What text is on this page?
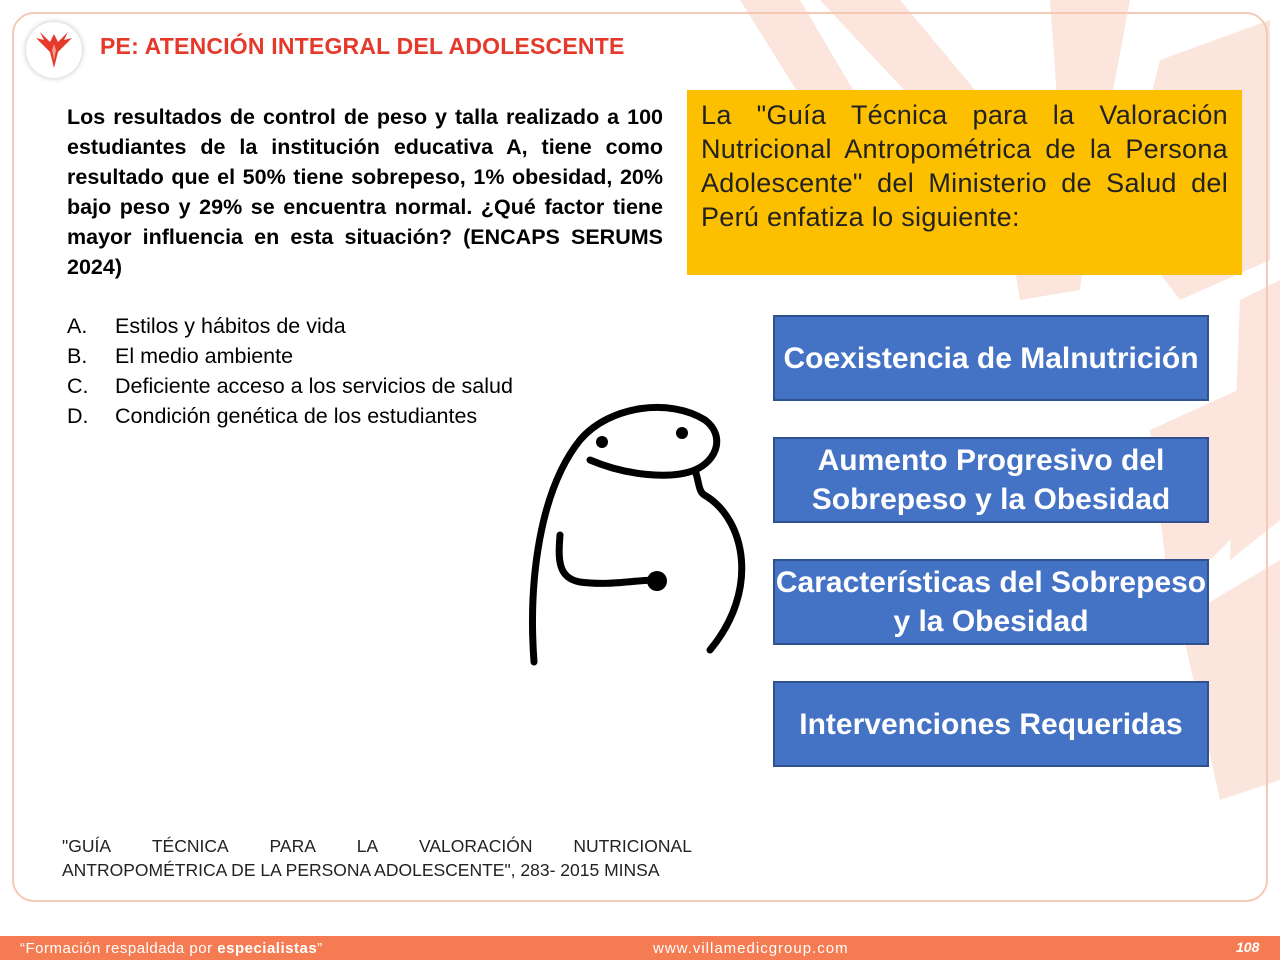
PE: ATENCIÓN INTEGRAL DEL ADOLESCENTE
Los resultados de control de peso y talla realizado a 100 estudiantes de la institución educativa A, tiene como resultado que el 50% tiene sobrepeso, 1% obesidad, 20% bajo peso y 29% se encuentra normal. ¿Qué factor tiene mayor influencia en esta situación? (ENCAPS SERUMS 2024)
A.	Estilos y hábitos de vida
B.	El medio ambiente
C.	Deficiente acceso a los servicios de salud
D.	Condición genética de los estudiantes
La "Guía Técnica para la Valoración Nutricional Antropométrica de la Persona Adolescente" del Ministerio de Salud del Perú enfatiza lo siguiente:
Coexistencia de Malnutrición
Aumento Progresivo del Sobrepeso y la Obesidad
Características del Sobrepeso y la Obesidad
Intervenciones Requeridas
"GUÍA TÉCNICA PARA LA VALORACIÓN NUTRICIONAL
ANTROPOMÉTRICA DE LA PERSONA ADOLESCENTE", 283- 2015 MINSA
“Formación respaldada por especialistas”	www.villamedicgroup.com	108
